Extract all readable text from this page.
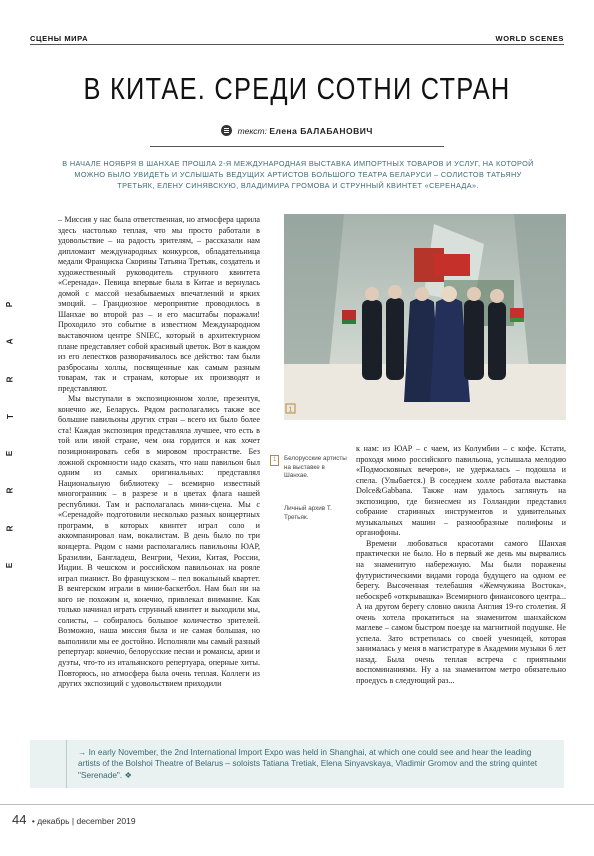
СЦЕНЫ МИРА	WORLD SCENES
В КИТАЕ. СРЕДИ СОТНИ СТРАН
текст: Елена БАЛАБАНОВИЧ
В НАЧАЛЕ НОЯБРЯ В ШАНХАЕ ПРОШЛА 2-Я МЕЖДУНАРОДНАЯ ВЫСТАВКА ИМПОРТНЫХ ТОВАРОВ И УСЛУГ, НА КОТОРОЙ МОЖНО БЫЛО УВИДЕТЬ И УСЛЫШАТЬ ВЕДУЩИХ АРТИСТОВ БОЛЬШОГО ТЕАТРА БЕЛАРУСИ – СОЛИСТОВ ТАТЬЯНУ ТРЕТЬЯК, ЕЛЕНУ СИНЯВСКУЮ, ВЛАДИМИРА ГРОМОВА И СТРУННЫЙ КВИНТЕТ «СЕРЕНАДА».
P
A
R
T
E
R
R
E

– Миссия у нас была ответственная, но атмосфера царила здесь настолько теплая, что мы просто работали в удовольствие – на радость зрителям, – рассказали нам дипломант международных конкурсов, обладательница медали Франциска Скорины Татьяна Третьяк, создатель и художественный руководитель струнного квинтета «Серенада». Певица впервые была в Китае и вернулась домой с массой незабываемых впечатлений и ярких эмоций. – Грандиозное мероприятие проводилось в Шанхае во второй раз – и его масштабы поражали! Проходило это событие в известном Международном выставочном центре SNIEC, который в архитектурном плане представляет собой красивый цветок. Вот в каждом из его лепестков разворачивалось все действо: там были разбросаны холлы, посвященные как самым разным товарам, так и странам, которые их производят и представляют.

Мы выступали в экспозиционном холле, презентуя, конечно же, Беларусь. Рядом располагались также все большие павильоны других стран – всего их было более ста! Каждая экспозиция представляла лучшее, что есть в той или иной стране, чем она гордится и как хочет позиционировать себя в мировом пространстве. Без ложной скромности надо сказать, что наш павильон был одним из самых оригинальных: представлял Национальную библиотеку – всемирно известный многогранник – в разрезе и в цветах флага нашей республики. Там и располагалась мини-сцена. Мы с «Серенадой» подготовили несколько разных концертных программ, в которых квинтет играл соло и аккомпанировал нам, вокалистам. В день было по три концерта. Рядом с нами располагались павильоны ЮАР, Бразилии, Бангладеш, Венгрии, Чехии, Китая, России, Индии. В чешском и российском павильонах на рояле играл пианист. Во французском – пел вокальный квартет. В венгерском играли в мини-баскетбол. Нам был ни на кого не похожим и, конечно, привлекал внимание. Как только начинал играть струнный квинтет и выходили мы, солисты, – собиралось большое количество зрителей. Возможно, наша миссия была и не самая большая, но выполнили мы ее достойно. Исполняли мы самый разный репертуар: конечно, белорусские песни и романсы, арии и дуэты, что-то из итальянского репертуара, оперные хиты. Повторюсь, но атмосфера была очень теплая. Коллеги из других экспозиций с удовольствием приходили

1
1	Белорусские артисты на выставке в Шанхае.
Личный архив Т. Третьяк.

к нам: из ЮАР – с чаем, из Колумбии – с кофе. Кстати, проходя мимо российского павильона, услышала мелодию «Подмосковных вечеров», не удержалась – подошла и спела. (Улыбается.) В соседнем холле работала выставка Dolce&Gabbana. Также нам удалось заглянуть на экспозицию, где бизнесмен из Голландии представил собрание старинных инструментов и удивительных музыкальных машин – разнообразные полифоны и органофоны.

Времени любоваться красотами самого Шанхая практически не было. Но в первый же день мы вырвались на знаменитую набережную. Мы были поражены футуристическими видами города будущего на одном ее берегу. Высоченная телебашня «Жемчужина Востока», небоскреб «открывашка» Всемирного финансового центра... А на другом берегу словно ожила Англия 19-го столетия. Я очень хотела прокатиться на знаменитом шанхайском маглеве – самом быстром поезде на магнитной подушке. Не успела. Зато встретилась со своей ученицей, которая занималась у меня в магистратуре в Академии музыки 6 лет назад. Была очень теплая встреча с приятными воспоминаниями. Ну а на знаменитом метро обязательно проедусь в следующий раз...

→ In early November, the 2nd International Import Expo was held in Shanghai, at which one could see and hear the leading artists of the Bolshoi Theatre of Belarus – soloists Tatiana Tretiak, Elena Sinyavskaya, Vladimir Gromov and the string quintet "Serenade". ❖
44 • декабрь | december 2019
